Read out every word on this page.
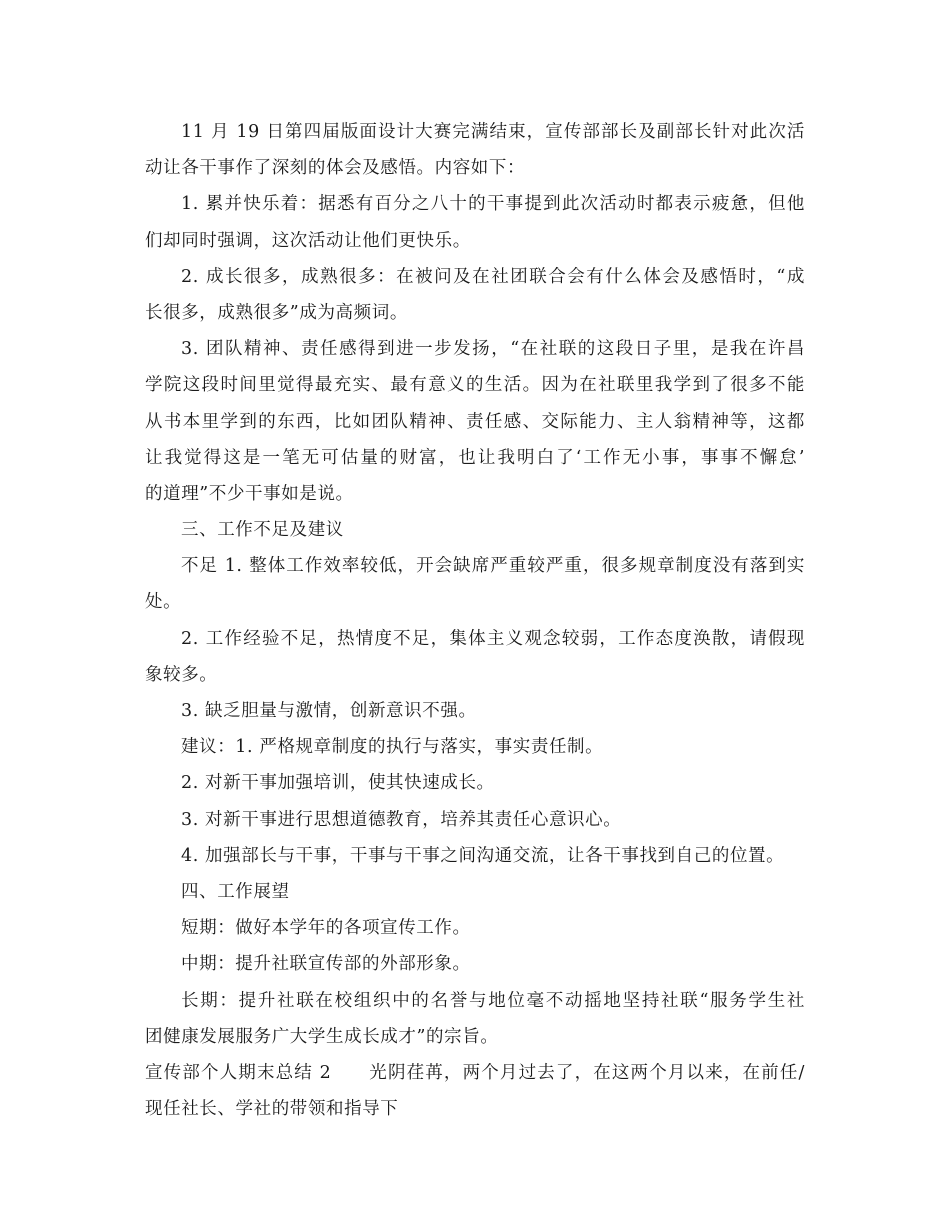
11 月 19 日第四届版面设计大赛完满结束，宣传部部长及副部长针对此次活
动让各干事作了深刻的体会及感悟。内容如下：
1. 累并快乐着：据悉有百分之八十的干事提到此次活动时都表示疲惫，但他
们却同时强调，这次活动让他们更快乐。
2. 成长很多，成熟很多：在被问及在社团联合会有什么体会及感悟时，“成
长很多，成熟很多”成为高频词。
3. 团队精神、责任感得到进一步发扬，“在社联的这段日子里，是我在许昌
学院这段时间里觉得最充实、最有意义的生活。因为在社联里我学到了很多不能
从书本里学到的东西，比如团队精神、责任感、交际能力、主人翁精神等，这都
让我觉得这是一笔无可估量的财富，也让我明白了‘工作无小事，事事不懈怠’
的道理”不少干事如是说。
三、工作不足及建议
不足 1. 整体工作效率较低，开会缺席严重较严重，很多规章制度没有落到实
处。
2. 工作经验不足，热情度不足，集体主义观念较弱，工作态度涣散，请假现
象较多。
3. 缺乏胆量与激情，创新意识不强。
建议：1. 严格规章制度的执行与落实，事实责任制。
2. 对新干事加强培训，使其快速成长。
3. 对新干事进行思想道德教育，培养其责任心意识心。
4. 加强部长与干事，干事与干事之间沟通交流，让各干事找到自己的位置。
四、工作展望
短期：做好本学年的各项宣传工作。
中期：提升社联宣传部的外部形象。
长期：提升社联在校组织中的名誉与地位毫不动摇地坚持社联“服务学生社
团健康发展服务广大学生成长成才”的宗旨。
宣传部个人期末总结 2　　光阴荏苒，两个月过去了，在这两个月以来，在前任/
现任社长、学社的带领和指导下
